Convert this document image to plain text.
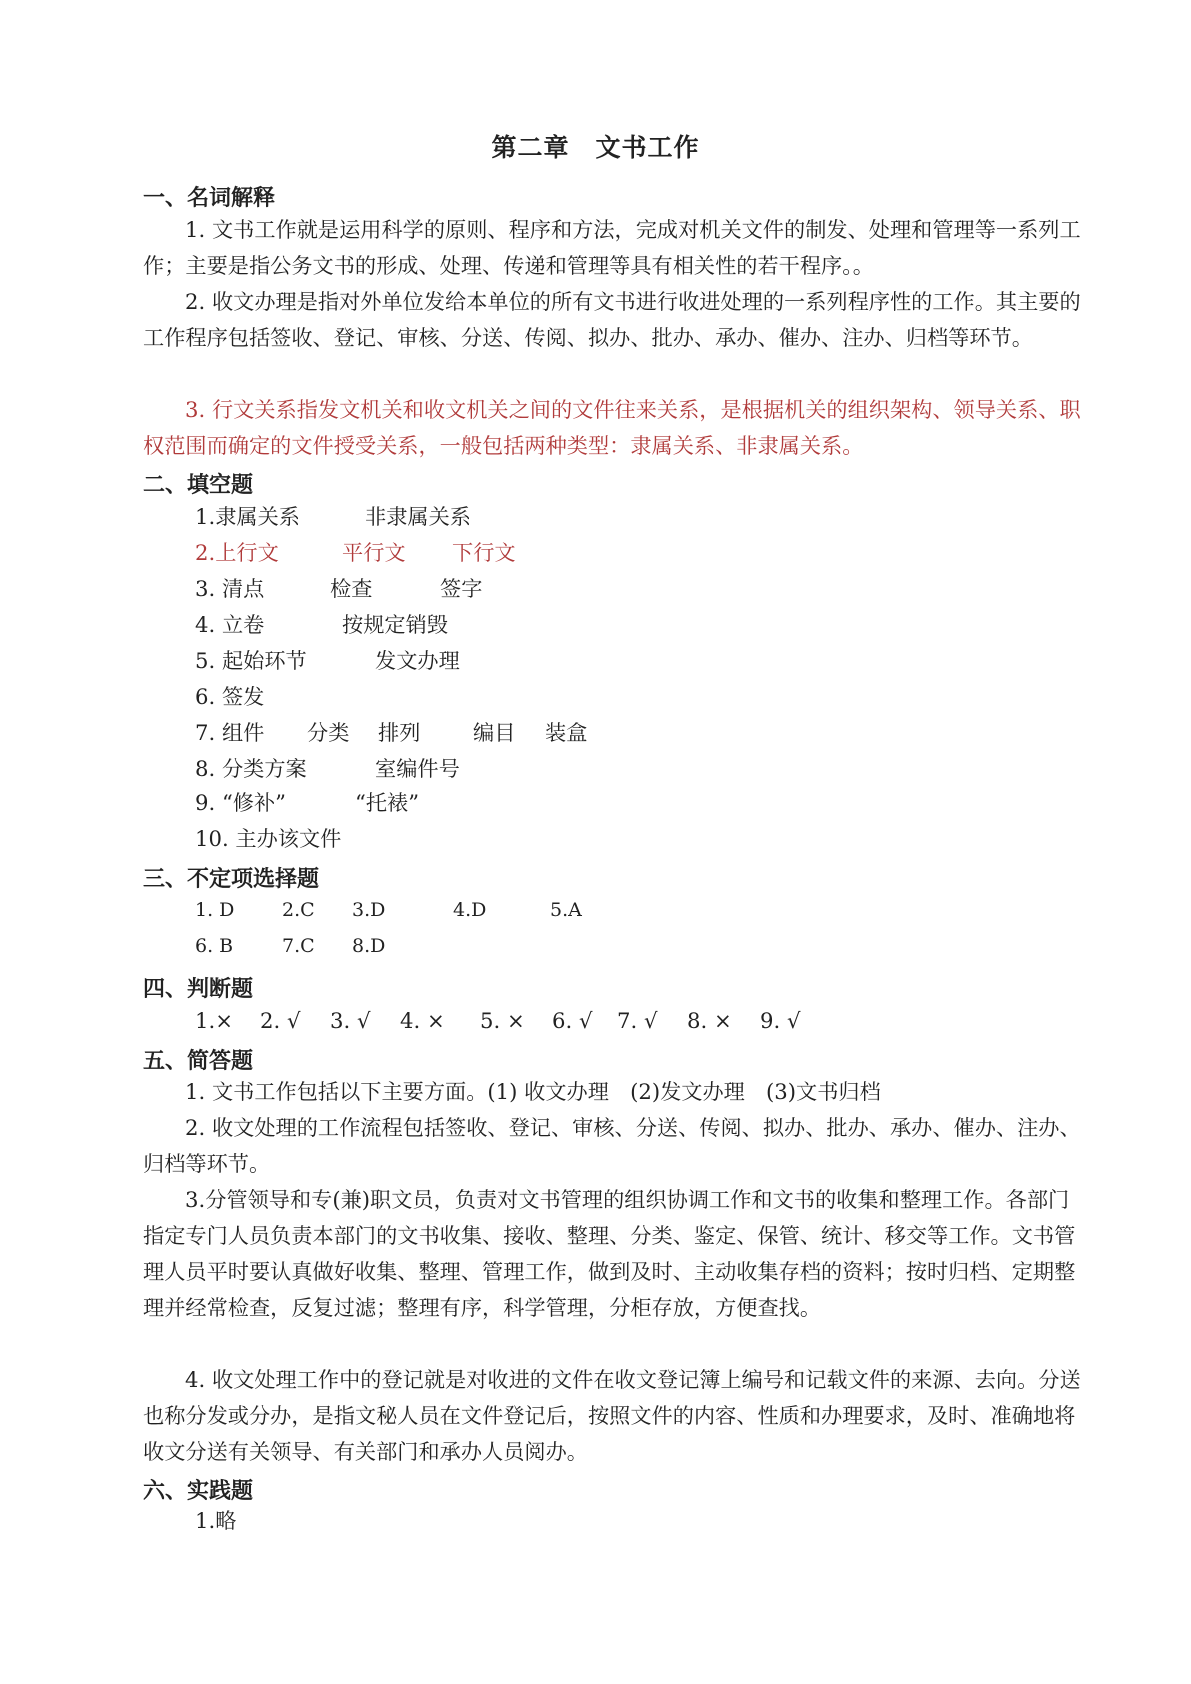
第二章　文书工作
一、名词解释

1. 文书工作就是运用科学的原则、程序和方法，完成对机关文件的制发、处理和管理等一系列工作；主要是指公务文书的形成、处理、传递和管理等具有相关性的若干程序。。

2. 收文办理是指对外单位发给本单位的所有文书进行收进处理的一系列程序性的工作。其主要的工作程序包括签收、登记、审核、分送、传阅、拟办、批办、承办、催办、注办、归档等环节。

3. 行文关系指发文机关和收文机关之间的文件往来关系，是根据机关的组织架构、领导关系、职权范围而确定的文件授受关系，一般包括两种类型：隶属关系、非隶属关系。

二、填空题
1.隶属关系	非隶属关系
2.上行文	平行文 下行文
3. 清点	检查	签字
4. 立卷	按规定销毁
5. 起始环节	发文办理
6. 签发
7. 组件 分类 排列 编目 装盒
8. 分类方案	室编件号
9. “修补”	“托裱”
10. 主办该文件
三、不定项选择题
1. D	2.C 3.D	4.D	5.A
6. B	7.C 8.D
四、判断题
1.× 2. √ 3. √ 4. × 5. × 6. √ 7. √ 8. × 9. √
五、简答题

1. 文书工作包括以下主要方面。(1) 收文办理　(2)发文办理　(3)文书归档

2. 收文处理的工作流程包括签收、登记、审核、分送、传阅、拟办、批办、承办、催办、注办、归档等环节。

3.分管领导和专(兼)职文员，负责对文书管理的组织协调工作和文书的收集和整理工作。各部门指定专门人员负责本部门的文书收集、接收、整理、分类、鉴定、保管、统计、移交等工作。文书管理人员平时要认真做好收集、整理、管理工作，做到及时、主动收集存档的资料；按时归档、定期整理并经常检查，反复过滤；整理有序，科学管理，分柜存放，方便查找。

4. 收文处理工作中的登记就是对收进的文件在收文登记簿上编号和记载文件的来源、去向。分送也称分发或分办，是指文秘人员在文件登记后，按照文件的内容、性质和办理要求，及时、准确地将收文分送有关领导、有关部门和承办人员阅办。

六、实践题
1.略
